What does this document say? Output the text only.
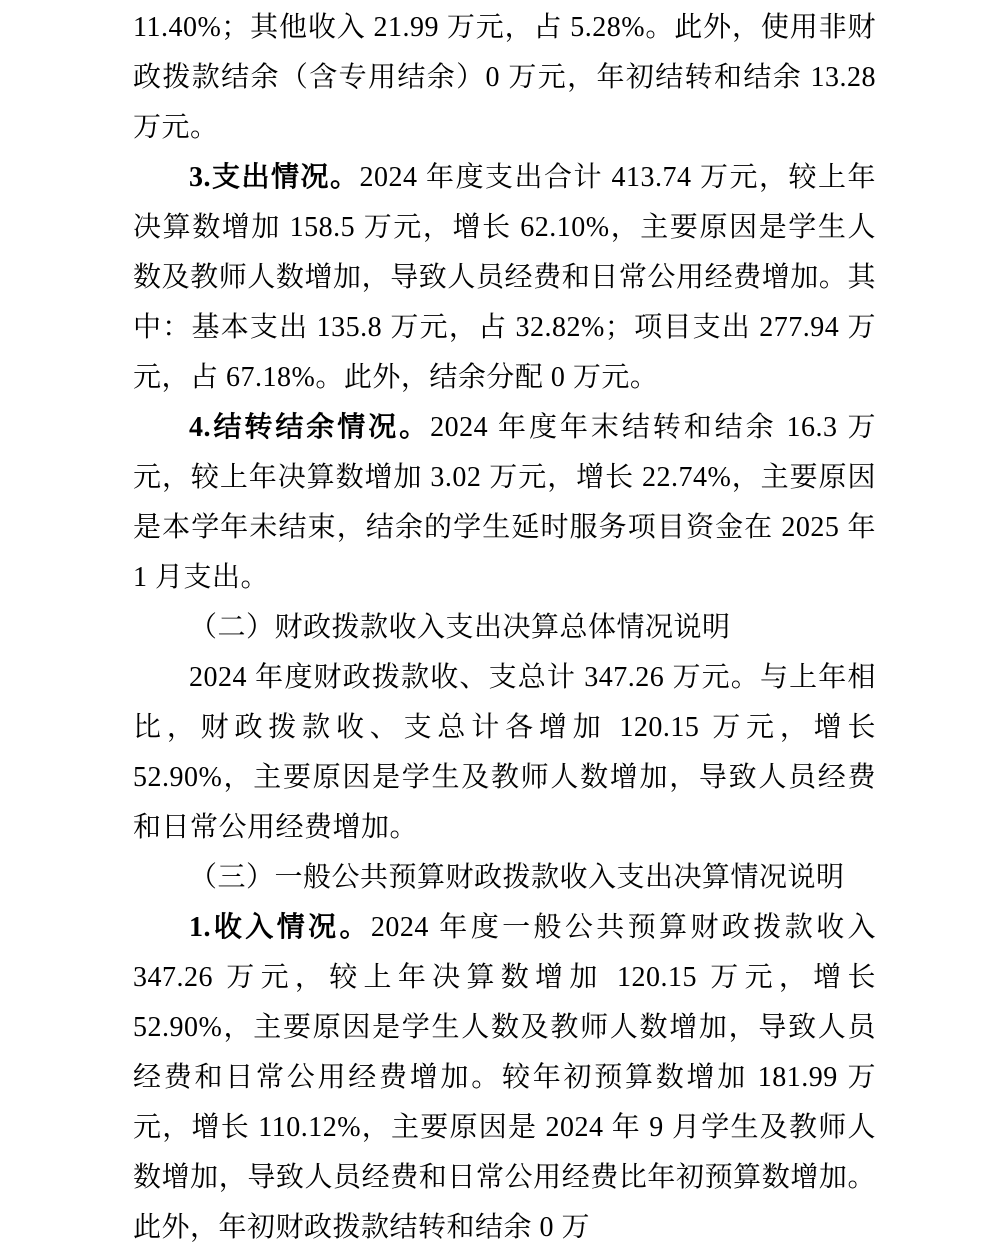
11.40%；其他收入 21.99 万元，占 5.28%。此外，使用非财政拨款结余（含专用结余）0 万元，年初结转和结余 13.28 万元。

3.支出情况。2024 年度支出合计 413.74 万元，较上年决算数增加 158.5 万元，增长 62.10%，主要原因是学生人数及教师人数增加，导致人员经费和日常公用经费增加。其中：基本支出 135.8 万元，占 32.82%；项目支出 277.94 万元，占 67.18%。此外，结余分配 0 万元。

4.结转结余情况。2024 年度年末结转和结余 16.3 万元，较上年决算数增加 3.02 万元，增长 22.74%，主要原因是本学年未结束，结余的学生延时服务项目资金在 2025 年 1 月支出。

（二）财政拨款收入支出决算总体情况说明

2024 年度财政拨款收、支总计 347.26 万元。与上年相比，财政拨款收、支总计各增加 120.15 万元，增长 52.90%，主要原因是学生及教师人数增加，导致人员经费和日常公用经费增加。

（三）一般公共预算财政拨款收入支出决算情况说明

1.收入情况。2024 年度一般公共预算财政拨款收入 347.26 万元，较上年决算数增加 120.15 万元，增长 52.90%，主要原因是学生人数及教师人数增加，导致人员经费和日常公用经费增加。较年初预算数增加 181.99 万元，增长 110.12%，主要原因是 2024 年 9 月学生及教师人数增加，导致人员经费和日常公用经费比年初预算数增加。此外，年初财政拨款结转和结余 0 万
